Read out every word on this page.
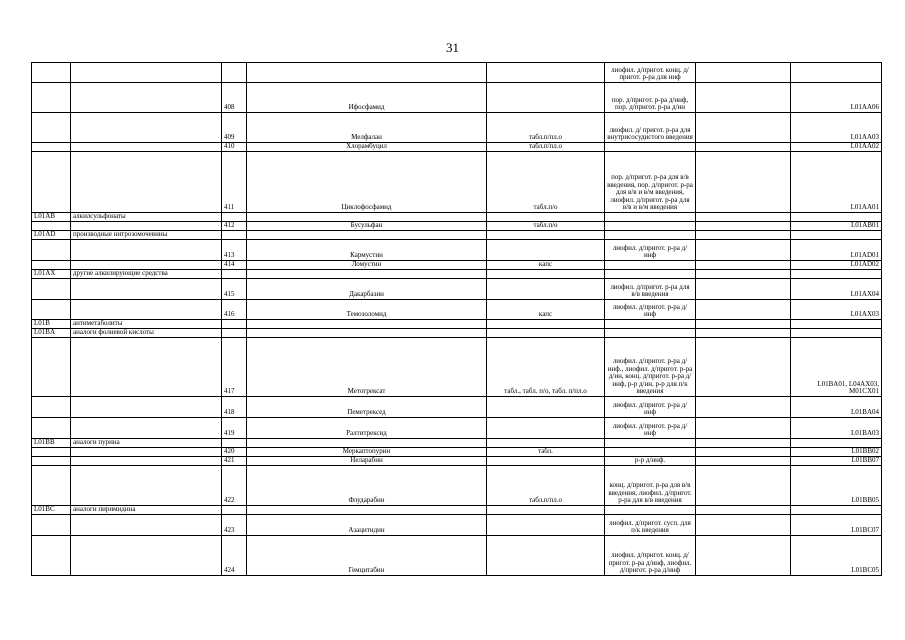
31
					лиофил. д/пригот. конц. д/пригот. р-ра для инф		
		408	Ифосфамид		пор. д/пригот. р-ра д/инф, пор. д/пригот. р-ра д/ин		L01AA06
		409	Мелфалан	табл.п/пл.о	лиофил. д/ пригот. р-ра для внутрисосудистого введения		L01AA03
		410	Хлорамбуцил	табл.п/пл.о			L01AA02
		411	Циклофосфамид	табл.п/о	пор. д/пригот. р-ра для в/в введения, пор. д/пригот. р-ра для в/в и в/м введения, лиофил. д/пригот. р-ра для в/в и в/м введения		L01AA01
L01AB	алкилсульфонаты						
		412	Бусульфан	табл.п/о			L01AB01
L01AD	производные нитрозомочевины						
		413	Кармустин		лиофил. д/пригот. р-ра д/инф		L01AD01
		414	Ломустин	капс			L01AD02
L01AX	другие алкилирующие средства						
		415	Дакарбазин		лиофил. д/пригот. р-ра для в/в введения		L01AX04
		416	Темозоломид	капс	лиофил. д/пригот. р-ра д/инф		L01AX03
L01B	антиметаболиты						
L01BA	аналоги фолиевой кислоты						
		417	Метотрексат	табл., табл. п/о, табл. п/пл.о	лиофил. д/пригот. р-ра д/инф., лиофил. д/пригот. р-ра д/ин, конц. д/пригот. р-ра д/инф, р-р д/ин, р-р для п/к введения		L01BA01, L04AX03, M01CX01
		418	Пеметрексед		лиофил. д/пригот. р-ра д/инф		L01BA04
		419	Ралтитрексид		лиофил. д/пригот. р-ра д/инф		L01BA03
L01BB	аналоги пурина						
		420	Меркаптопурин	табл.			L01BB02
		421	Неларабин		р-р д/инф.		L01BB07
		422	Флударабин	табл.п/пл.о	конц. д/пригот. р-ра для в/в введения, лиофил. д/пригот. р-ра для в/в введения		L01BB05
L01BC	аналоги пиримидина						
		423	Азацитидин		лиофил. д/пригот. сусп. для п/к введения		L01BC07
		424	Гемцитабин		лиофил. д/пригот. конц. д/пригот. р-ра д/инф, лиофил. д/пригот. р-ра д/инф		L01BC05
